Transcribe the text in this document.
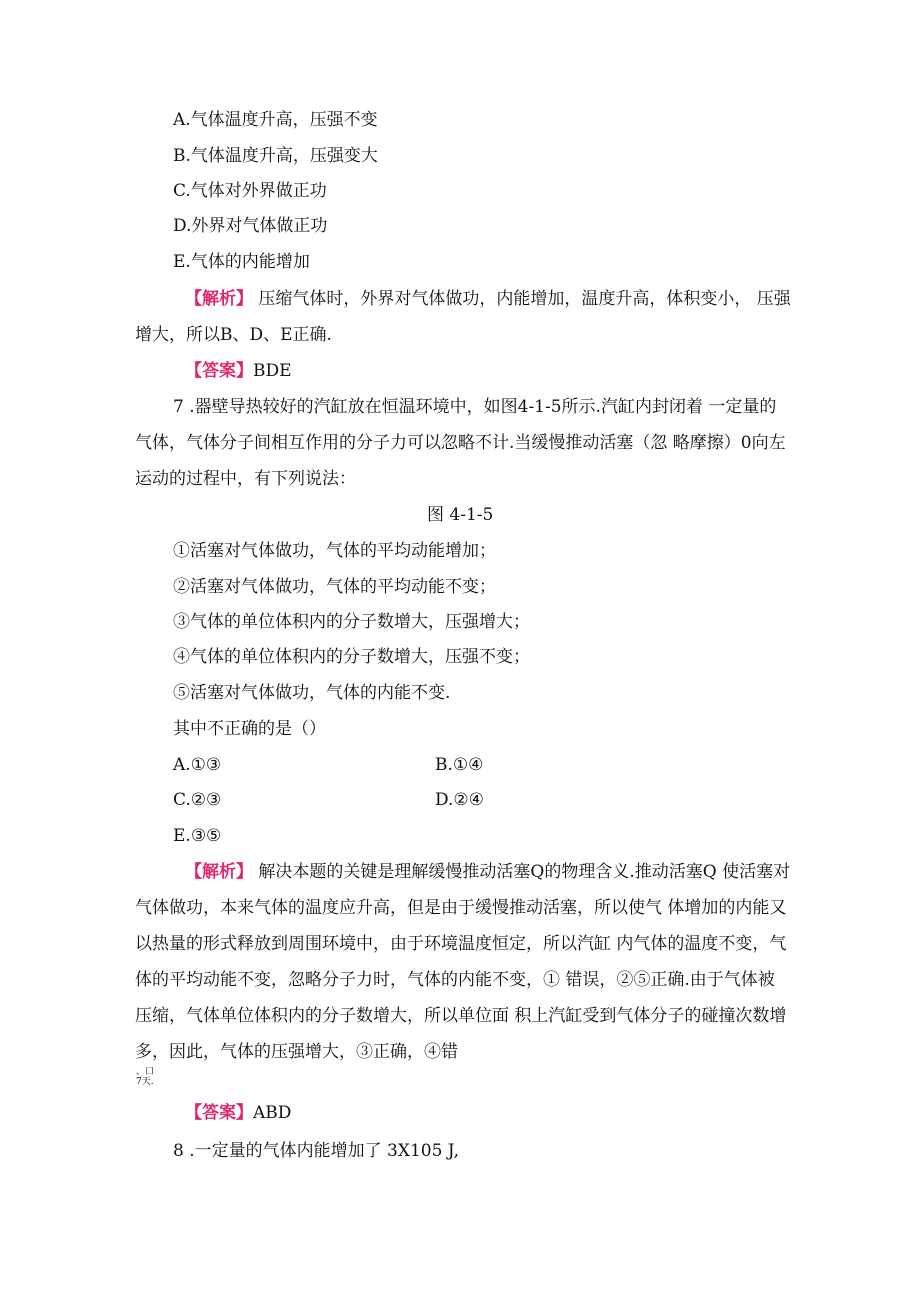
A.气体温度升高，压强不变
B.气体温度升高，压强变大
C.气体对外界做正功
D.外界对气体做正功
E.气体的内能增加
【解析】 压缩气体时，外界对气体做功，内能增加，温度升高，体积变小， 压强
增大，所以B、D、E正确.
【答案】BDE
7 .器壁导热较好的汽缸放在恒温环境中，如图4-1-5所示.汽缸内封闭着 一定量的
气体，气体分子间相互作用的分子力可以忽略不计.当缓慢推动活塞（忽 略摩擦）0向左
运动的过程中，有下列说法：
图 4-1-5
①活塞对气体做功，气体的平均动能增加；
②活塞对气体做功，气体的平均动能不变；
③气体的单位体积内的分子数增大，压强增大；
④气体的单位体积内的分子数增大，压强不变；
⑤活塞对气体做功，气体的内能不变.
其中不正确的是（）
A.①③	B.①④
C.②③	D.②④
E.③⑤
【解析】 解决本题的关键是理解缓慢推动活塞Q的物理含义.推动活塞Q 使活塞对
气体做功，本来气体的温度应升高，但是由于缓慢推动活塞，所以使气 体增加的内能又
以热量的形式释放到周围环境中，由于环境温度恒定，所以汽缸 内气体的温度不变，气
体的平均动能不变，忽略分子力时，气体的内能不变，① 错误，②⑤正确.由于气体被
压缩，气体单位体积内的分子数增大，所以单位面 积上汽缸受到气体分子的碰撞次数增
多，因此，气体的压强增大，③正确，④错
、口
7天.
【答案】ABD
8 .一定量的气体内能增加了 3X105 J,
